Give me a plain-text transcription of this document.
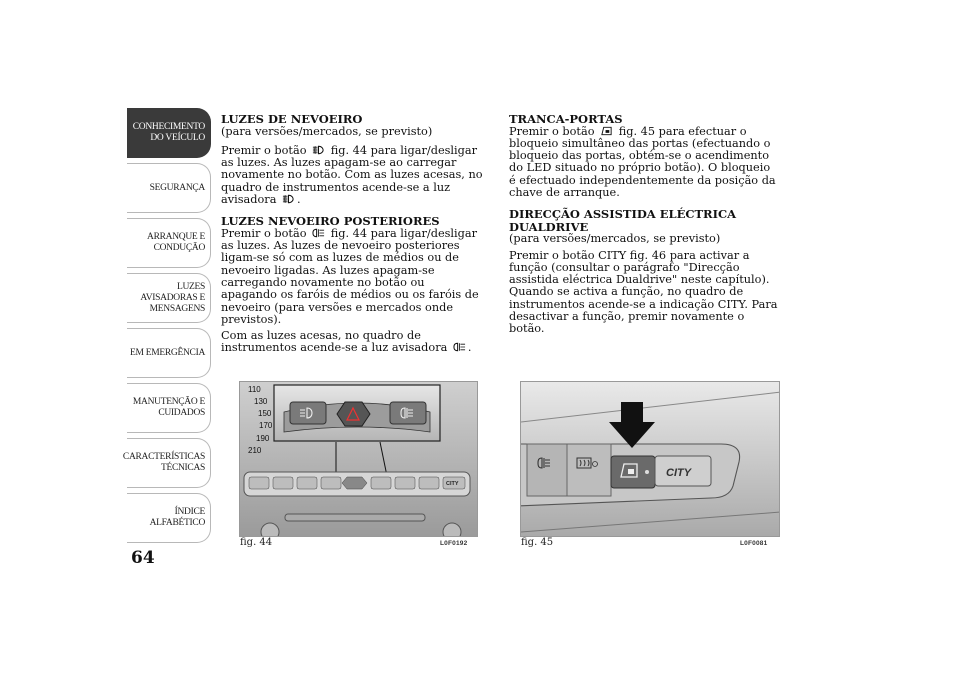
CONHECIMENTO
DO VEÍCULO
SEGURANÇA
ARRANQUE E
CONDUÇÃO
LUZES
AVISADORAS E
MENSAGENS
EM EMERGÊNCIA
MANUTENÇÃO E
CUIDADOS
CARACTERÍSTICAS
TÉCNICAS
ÍNDICE
ALFABÉTICO
64
LUZES DE NEVOEIRO

(para versões/mercados, se previsto)

Premir o botão fig. 44 para ligar/desligar as luzes. As luzes apagam-se ao carregar novamente no botão. Com as luzes acesas, no quadro de instrumentos acende-se a luz avisadora .

LUZES NEVOEIRO POSTERIORES

Premir o botão fig. 44 para ligar/desligar as luzes. As luzes de nevoeiro posteriores ligam-se só com as luzes de médios ou de nevoeiro ligadas. As luzes apagam-se carregando novamente no botão ou apagando os faróis de médios ou os faróis de nevoeiro (para versões e mercados onde previstos).

Com as luzes acesas, no quadro de instrumentos acende-se a luz avisadora .

TRANCA-PORTAS

Premir o botão fig. 45 para efectuar o bloqueio simultâneo das portas (efectuando o bloqueio das portas, obtém-se o acendimento do LED situado no próprio botão). O bloqueio é efectuado independentemente da posição da chave de arranque.

DIRECÇÃO ASSISTIDA ELÉCTRICA DUALDRIVE

(para versões/mercados, se previsto)

Premir o botão CITY fig. 46 para activar a função (consultar o parágrafo "Direcção assistida eléctrica Dualdrive" neste capítulo). Quando se activa a função, no quadro de instrumentos acende-se a indicação CITY. Para desactivar a função, premir novamente o botão.

110
130
150
170
190
210
CITY
fig. 44	L0F0192
CITY
fig. 45	L0F0081
